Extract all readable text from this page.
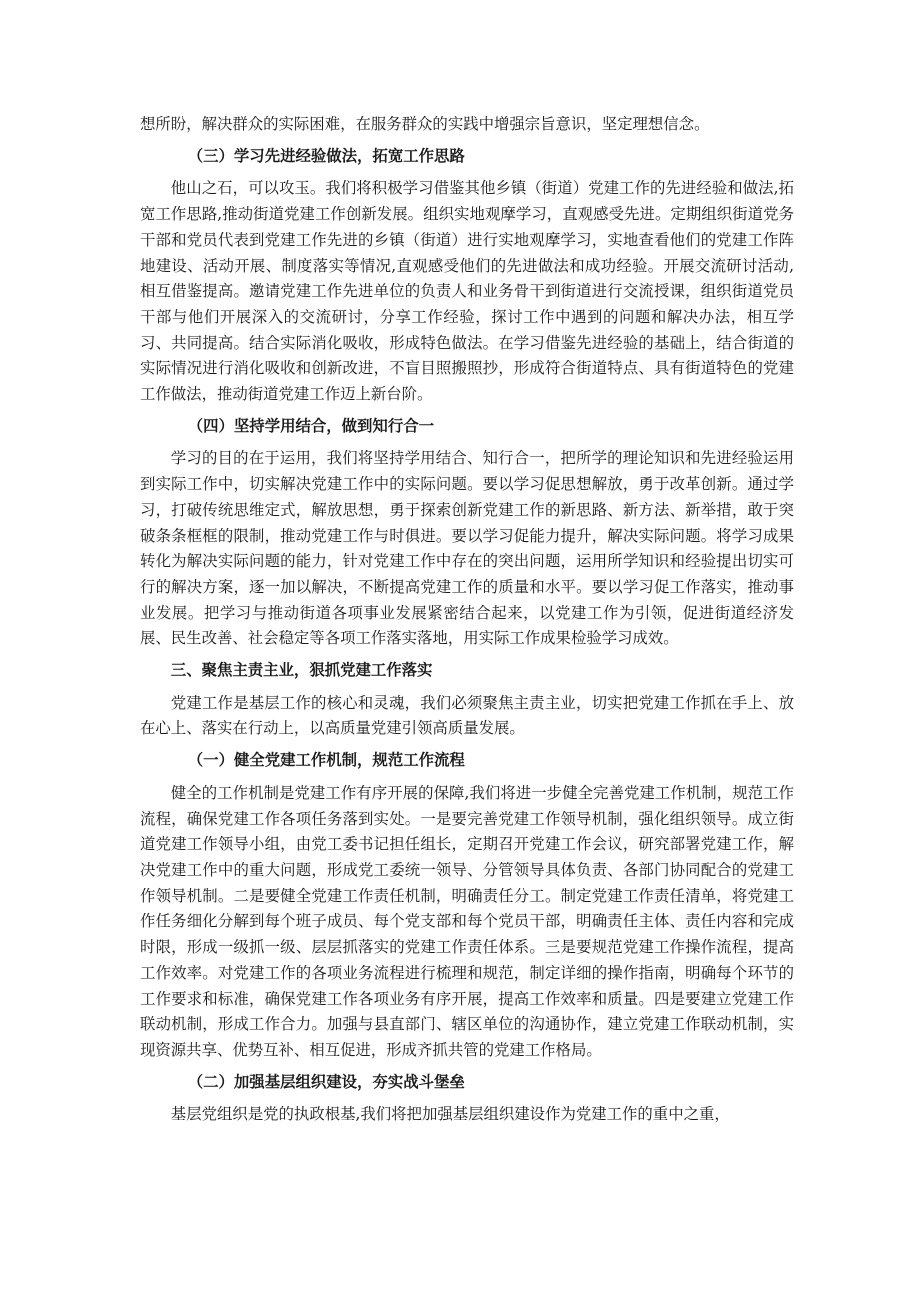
想所盼，解决群众的实际困难，在服务群众的实践中增强宗旨意识，坚定理想信念。

（三）学习先进经验做法，拓宽工作思路

他山之石，可以攻玉。我们将积极学习借鉴其他乡镇（街道）党建工作的先进经验和做法,拓宽工作思路,推动街道党建工作创新发展。组织实地观摩学习，直观感受先进。定期组织街道党务干部和党员代表到党建工作先进的乡镇（街道）进行实地观摩学习，实地查看他们的党建工作阵地建设、活动开展、制度落实等情况,直观感受他们的先进做法和成功经验。开展交流研讨活动,相互借鉴提高。邀请党建工作先进单位的负责人和业务骨干到街道进行交流授课，组织街道党员干部与他们开展深入的交流研讨，分享工作经验，探讨工作中遇到的问题和解决办法，相互学习、共同提高。结合实际消化吸收，形成特色做法。在学习借鉴先进经验的基础上，结合街道的实际情况进行消化吸收和创新改进，不盲目照搬照抄，形成符合街道特点、具有街道特色的党建工作做法，推动街道党建工作迈上新台阶。

（四）坚持学用结合，做到知行合一

学习的目的在于运用，我们将坚持学用结合、知行合一，把所学的理论知识和先进经验运用到实际工作中，切实解决党建工作中的实际问题。要以学习促思想解放，勇于改革创新。通过学习，打破传统思维定式，解放思想，勇于探索创新党建工作的新思路、新方法、新举措，敢于突破条条框框的限制，推动党建工作与时俱进。要以学习促能力提升，解决实际问题。将学习成果转化为解决实际问题的能力，针对党建工作中存在的突出问题，运用所学知识和经验提出切实可行的解决方案，逐一加以解决，不断提高党建工作的质量和水平。要以学习促工作落实，推动事业发展。把学习与推动街道各项事业发展紧密结合起来，以党建工作为引领，促进街道经济发展、民生改善、社会稳定等各项工作落实落地，用实际工作成果检验学习成效。

三、聚焦主责主业，狠抓党建工作落实

党建工作是基层工作的核心和灵魂，我们必须聚焦主责主业，切实把党建工作抓在手上、放在心上、落实在行动上，以高质量党建引领高质量发展。

（一）健全党建工作机制，规范工作流程

健全的工作机制是党建工作有序开展的保障,我们将进一步健全完善党建工作机制，规范工作流程，确保党建工作各项任务落到实处。一是要完善党建工作领导机制，强化组织领导。成立街道党建工作领导小组，由党工委书记担任组长，定期召开党建工作会议，研究部署党建工作，解决党建工作中的重大问题，形成党工委统一领导、分管领导具体负责、各部门协同配合的党建工作领导机制。二是要健全党建工作责任机制，明确责任分工。制定党建工作责任清单，将党建工作任务细化分解到每个班子成员、每个党支部和每个党员干部，明确责任主体、责任内容和完成时限，形成一级抓一级、层层抓落实的党建工作责任体系。三是要规范党建工作操作流程，提高工作效率。对党建工作的各项业务流程进行梳理和规范，制定详细的操作指南，明确每个环节的工作要求和标准，确保党建工作各项业务有序开展，提高工作效率和质量。四是要建立党建工作联动机制，形成工作合力。加强与县直部门、辖区单位的沟通协作，建立党建工作联动机制，实现资源共享、优势互补、相互促进，形成齐抓共管的党建工作格局。

（二）加强基层组织建设，夯实战斗堡垒

基层党组织是党的执政根基,我们将把加强基层组织建设作为党建工作的重中之重，
